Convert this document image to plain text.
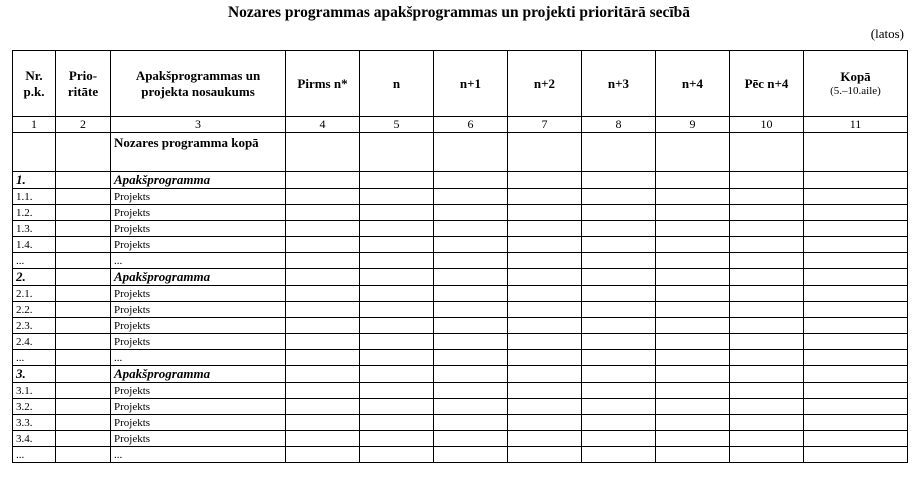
Nozares programmas apakšprogrammas un projekti prioritārā secībā
(latos)
Nr. p.k.	Prio-ritāte	Apakšprogrammas un projekta nosaukums	Pirms n*	n	n+1	n+2	n+3	n+4	Pēc n+4	Kopā
(5.–10.aile)

1	2	3	4	5	6	7	8	9	10	11
		Nozares programma kopā								
1.		Apakšprogramma								
1.1.		Projekts								
1.2.		Projekts								
1.3.		Projekts								
1.4.		Projekts								
...		...								
2.		Apakšprogramma								
2.1.		Projekts								
2.2.		Projekts								
2.3.		Projekts								
2.4.		Projekts								
...		...								
3.		Apakšprogramma								
3.1.		Projekts								
3.2.		Projekts								
3.3.		Projekts								
3.4.		Projekts								
...		...								
